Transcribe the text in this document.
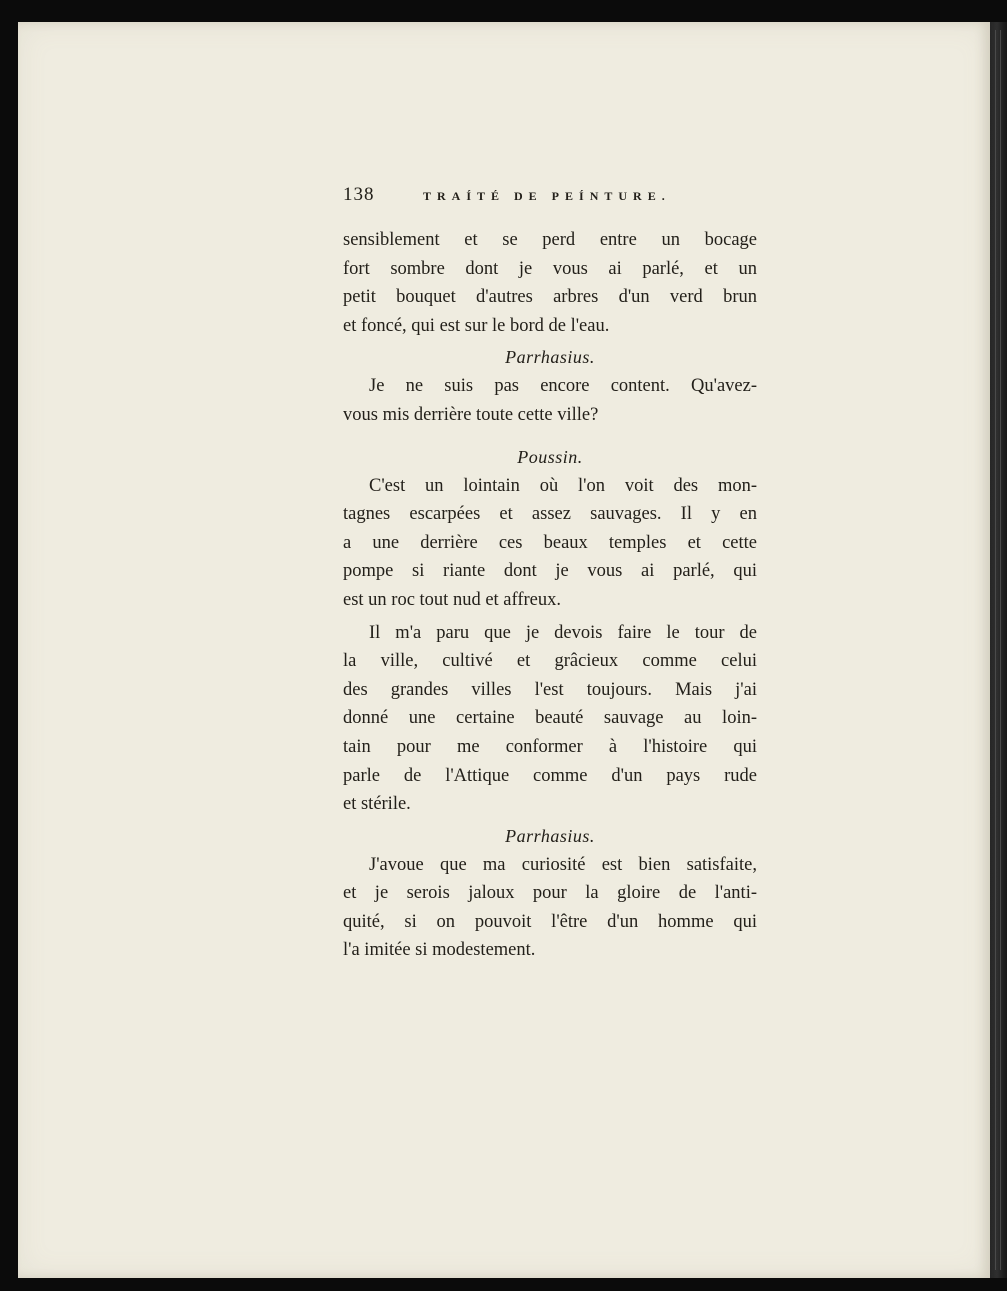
138	TRAÍTÉ DE PEÍNTURE.
sensiblement et se perd entre un bocage
fort sombre dont je vous ai parlé, et un
petit bouquet d'autres arbres d'un verd brun
et foncé, qui est sur le bord de l'eau.
Parrhasius.
Je ne suis pas encore content. Qu'avez-
vous mis derrière toute cette ville?
Poussin.
C'est un lointain où l'on voit des mon-
tagnes escarpées et assez sauvages. Il y en
a une derrière ces beaux temples et cette
pompe si riante dont je vous ai parlé, qui
est un roc tout nud et affreux.
Il m'a paru que je devois faire le tour de
la ville, cultivé et grâcieux comme celui
des grandes villes l'est toujours. Mais j'ai
donné une certaine beauté sauvage au loin-
tain pour me conformer à l'histoire qui
parle de l'Attique comme d'un pays rude
et stérile.
Parrhasius.
J'avoue que ma curiosité est bien satisfaite,
et je serois jaloux pour la gloire de l'anti-
quité, si on pouvoit l'être d'un homme qui
l'a imitée si modestement.
